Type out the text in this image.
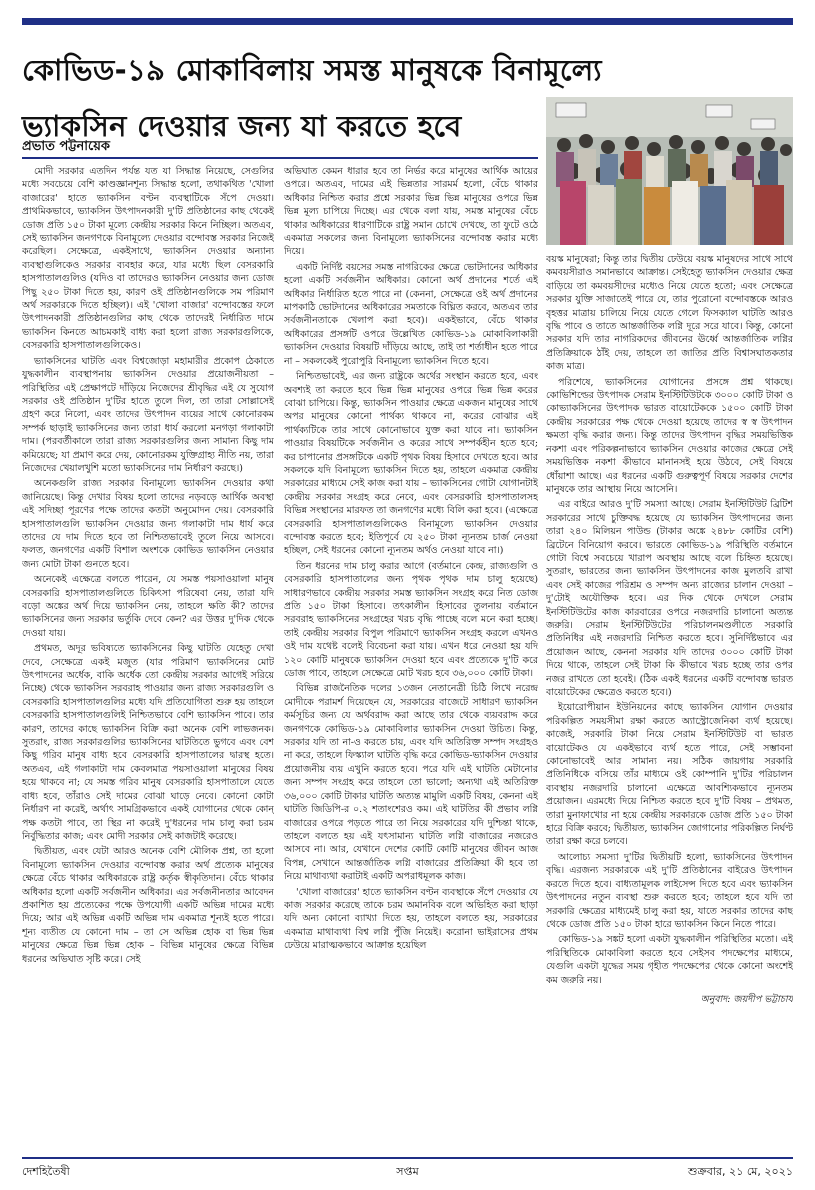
কোভিড-১৯ মোকাবিলায় সমস্ত মানুষকে বিনামূল্যে
ভ্যাকসিন দেওয়ার জন্য যা করতে হবে
প্রভাত পট্টনায়েক

মোদী সরকার এতদিন পর্যন্ত যত যা সিদ্ধান্ত নিয়েছে, সেগুলির মধ্যে সবচেয়ে বেশি কাণ্ডজ্ঞানশূন্য সিদ্ধান্ত হলো, তথাকথিত 'খোলা বাজারের' হাতে ভ্যাকসিন বণ্টন ব্যবস্থাটিকে সঁপে দেওয়া। প্রাথমিকভাবে, ভ্যাকসিন উৎপাদনকারী দু'টি প্রতিষ্ঠানের কাছ থেকেই ডোজ প্রতি ১৫০ টাকা মূল্যে কেন্দ্রীয় সরকার কিনে নিচ্ছিল। অতএব, সেই ভ্যাকসিন জনগণকে বিনামূল্যে দেওয়ার বন্দোবস্ত সরকার নিজেই করেছিল। সেক্ষেত্রে, একইসাথে, ভ্যাকসিন দেওয়ার অন্যান্য ব্যবস্থাগুলিকেও সরকার ব্যবহার করে, যার মধ্যে ছিল বেসরকারি হাসপাতালগুলিও (যদিও বা তাদেরও ভ্যাকসিন নেওয়ার জন্য ডোজ পিছু ২৫০ টাকা দিতে হয়, কারণ ওই প্রতিষ্ঠানগুলিকে সম পরিমাণ অর্থ সরকারকে দিতে হচ্ছিল)। এই 'খোলা বাজার' বন্দোবস্তের ফলে উৎপাদনকারী প্রতিষ্ঠানগুলির কাছ থেকে তাদেরই নির্ধারিত দামে ভ্যাকসিন কিনতে আচমকাই বাধ্য করা হলো রাজ্য সরকারগুলিকে, বেসরকারি হাসপাতালগুলিকেও।

ভ্যাকসিনের ঘাটতি এবং বিশ্বজোড়া মহামারীর প্রকোপ ঠেকাতে যুদ্ধকালীন ব্যবস্থাপনায় ভ্যাকসিন দেওয়ার প্রয়োজনীয়তা – পরিস্থিতির এই প্রেক্ষাপটে দাঁড়িয়ে নিজেদের শ্রীবৃদ্ধির এই যে সুযোগ সরকার ওই প্রতিষ্ঠান দু'টির হাতে তুলে দিল, তা তারা সোল্লাসেই গ্রহণ করে নিলো, এবং তাদের উৎপাদন ব্যয়ের সাথে কোনোরকম সম্পর্ক ছাড়াই ভ্যাকসিনের জন্য তারা ধার্য করলো মনগড়া গলাকাটা দাম। (পরবর্তীকালে তারা রাজ্য সরকারগুলির জন্য সামান্য কিছু দাম কমিয়েছে; যা প্রমাণ করে দেয়, কোনোরকম যুক্তিগ্রাহ্য নীতি নয়, তারা নিজেদের খেয়ালখুশি মতো ভ্যাকসিনের দাম নির্ধারণ করছে।)

অনেকগুলি রাজ্য সরকার বিনামূল্যে ভ্যাকসিন দেওয়ার কথা জানিয়েছে। কিন্তু দেখার বিষয় হলো তাদের নড়বড়ে আর্থিক অবস্থা এই সদিচ্ছা পূরণের পক্ষে তাদের কতটা অনুমোদন দেয়। বেসরকারি হাসপাতালগুলি ভ্যাকসিন দেওয়ার জন্য গলাকাটা দাম ধার্য করে তাদের যে দাম দিতে হবে তা নিশ্চিতভাবেই তুলে নিয়ে আসবে। ফলত, জনগণের একটি বিশাল অংশকে কোভিড ভ্যাকসিন নেওয়ার জন্য মোটা টাকা গুনতে হবে।

অনেকেই এক্ষেত্রে বলতে পারেন, যে সমস্ত পয়সাওয়ালা মানুষ বেসরকারি হাসপাতালগুলিতে চিকিৎসা পরিষেবা নেয়, তারা যদি বড়ো অঙ্কের অর্থ দিয়ে ভ্যাকসিন নেয়, তাহলে ক্ষতি কী? তাদের ভ্যাকসিনের জন্য সরকার ভর্তুকি দেবে কেন? এর উত্তর দু'দিক থেকে দেওয়া যায়।

প্রথমত, অদূর ভবিষ্যতে ভ্যাকসিনের কিছু ঘাটতি যেহেতু দেখা দেবে, সেক্ষেত্রে একই মজুত (যার পরিমাণ ভ্যাকসিনের মোট উৎপাদনের অর্ধেক, বাকি অর্ধেক তো কেন্দ্রীয় সরকার আগেই সরিয়ে নিচ্ছে) থেকে ভ্যাকসিন সরবরাহ পাওয়ার জন্য রাজ্য সরকারগুলি ও বেসরকারি হাসপাতালগুলির মধ্যে যদি প্রতিযোগিতা শুরু হয় তাহলে বেসরকারি হাসপাতালগুলিই নিশ্চিতভাবে বেশি ভ্যাকসিন পাবে। তার কারণ, তাদের কাছে ভ্যাকসিন বিক্রি করা অনেক বেশি লাভজনক। সুতরাং, রাজ্য সরকারগুলির ভ্যাকসিনের ঘাটতিতে ভুগবে এবং বেশ কিছু গরিব মানুষ বাধ্য হবে বেসরকারি হাসপাতালের দ্বারস্থ হতে। অতএব, এই গলাকাটা দাম কেবলমাত্র পয়সাওয়ালা মানুষের বিষয় হয়ে থাকবে না; যে সমস্ত গরিব মানুষ বেসরকারি হাসপাতালে যেতে বাধ্য হবে, তাঁরাও সেই দামের বোঝা ঘাড়ে নেবে। কোনো কোটা নির্ধারণ না করেই, অর্থাৎ সামগ্রিকভাবে একই যোগানের থেকে কোন্ পক্ষ কতটা পাবে, তা স্থির না করেই দু'ধরনের দাম চালু করা চরম নির্বুদ্ধিতার কাজ; এবং মোদী সরকার সেই কাজটাই করেছে।

দ্বিতীয়ত, এবং যেটা আরও অনেক বেশি মৌলিক প্রশ্ন, তা হলো বিনামূল্যে ভ্যাকসিন দেওয়ার বন্দোবস্ত করার অর্থ প্রত্যেক মানুষের ক্ষেত্রে বেঁচে থাকার অধিকারকে রাষ্ট্র কর্তৃক স্বীকৃতিদান। বেঁচে থাকার অধিকার হলো একটি সর্বজনীন অধিকার। এর সর্বজনীনতার আবেদন প্রকাশিত হয় প্রত্যেকের পক্ষে উপযোগী একটি অভিন্ন দামের মধ্যে দিয়ে; আর এই অভিন্ন একটি অভিন্ন দাম একমাত্র শূন্যই হতে পারে। শূন্য ব্যতীত যে কোনো দাম – তা সে অভিন্ন হোক বা ভিন্ন ভিন্ন মানুষের ক্ষেত্রে ভিন্ন ভিন্ন হোক – বিভিন্ন মানুষের ক্ষেত্রে বিভিন্ন ধরনের অভিঘাত সৃষ্টি করে। সেই

অভিঘাত কেমন ধারার হবে তা নির্ভর করে মানুষের আর্থিক আয়ের ওপরে। অতএব, দামের এই ভিন্নতার সারমর্ম হলো, বেঁচে থাকার অধিকার নিশ্চিত করার প্রশ্নে সরকার ভিন্ন ভিন্ন মানুষের ওপরে ভিন্ন ভিন্ন মূল্য চাপিয়ে দিচ্ছে। এর থেকে বলা যায়, সমস্ত মানুষের বেঁচে থাকার অধিকারের ধারণাটিকে রাষ্ট্র সমান চোখে দেখছে, তা ফুটে ওঠে একমাত্র সকলের জন্য বিনামূল্যে ভ্যাকসিনের বন্দোবস্ত করার মধ্যে দিয়ে।

একটি নির্দিষ্ট বয়সের সমস্ত নাগরিকের ক্ষেত্রে ভোটদানের অধিকার হলো একটি সর্বজনীন অধিকার। কোনো অর্থ প্রদানের শর্তে এই অধিকার নির্ধারিত হতে পারে না (কেননা, সেক্ষেত্রে ওই অর্থ প্রদানের মাপকাঠি ভোটদানের অধিকারের সমতাকে বিঘ্নিত করবে, অতএব তার সর্বজনীনতাকে খেলাপ করা হবে)। একইভাবে, বেঁচে থাকার অধিকারের প্রসঙ্গটি ওপরে উল্লেখিত কোভিড-১৯ মোকাবিলাকারী ভ্যাকসিন দেওয়ার বিষয়টি দাঁড়িয়ে আছে, তাই তা শর্তাধীন হতে পারে না – সকলকেই পুরোপুরি বিনামূল্যে ভ্যাকসিন দিতে হবে।

নিশ্চিতভাবেই, এর জন্য রাষ্ট্রকে অর্থের সংস্থান করতে হবে, এবং অবশ্যই তা করতে হবে ভিন্ন ভিন্ন মানুষের ওপরে ভিন্ন ভিন্ন করের বোঝা চাপিয়ে। কিন্তু, ভ্যাকসিন পাওয়ার ক্ষেত্রে একজন মানুষের সাথে অপর মানুষের কোনো পার্থক্য থাকবে না, করের বোঝার এই পার্থক্যটিকে তার সাথে কোনোভাবে যুক্ত করা যাবে না। ভ্যাকসিন পাওয়ার বিষয়টিকে সর্বজনীন ও করের সাথে সম্পর্কহীন হতে হবে; কর চাপানোর প্রসঙ্গটিকে একটি পৃথক বিষয় হিসাবে দেখতে হবে। আর সকলকে যদি বিনামূল্যে ভ্যাকসিন দিতে হয়, তাহলে একমাত্র কেন্দ্রীয় সরকারের মাধ্যমে সেই কাজ করা যায় – ভ্যাকসিনের গোটা যোগানটাই কেন্দ্রীয় সরকার সংগ্রহ করে নেবে, এবং বেসরকারি হাসপাতালসহ বিভিন্ন সংস্থানের মারফত তা জনগণের মধ্যে বিলি করা হবে। (এক্ষেত্রে বেসরকারি হাসপাতালগুলিকেও বিনামূল্যে ভ্যাকসিন দেওয়ার বন্দোবস্ত করতে হবে; ইতিপূর্বে যে ২৫০ টাকা ন্যূনতম চার্জ নেওয়া হচ্ছিল, সেই ধরনের কোনো ন্যূনতম অর্থও নেওয়া যাবে না।)

তিন ধরনের দাম চালু করার আগে (বর্তমানে কেন্দ্র, রাজ্যগুলি ও বেসরকারি হাসপাতালের জন্য পৃথক পৃথক দাম চালু হয়েছে) সাধারণভাবে কেন্দ্রীয় সরকার সমস্ত ভ্যাকসিন সংগ্রহ করে নিত ডোজ প্রতি ১৫০ টাকা হিসাবে। তৎকালীন হিসাবের তুলনায় বর্তমানে সরবরাহ ভ্যাকসিনের সংগ্রহের খরচ বৃদ্ধি পাচ্ছে বলে মনে করা হচ্ছে। তাই কেন্দ্রীয় সরকার বিপুল পরিমাণে ভ্যাকসিন সংগ্রহ করলে এখনও ওই দাম যথেষ্ট বলেই বিবেচনা করা যায়। এখন ধরে নেওয়া হয় যদি ১২০ কোটি মানুষকে ভ্যাকসিন দেওয়া হবে এবং প্রত্যেকে দু'টি করে ডোজ পাবে, তাহলে সেক্ষেত্রে মোট খরচ হবে ৩৬,০০০ কোটি টাকা।

বিভিন্ন রাজনৈতিক দলের ১৩জন নেতানেত্রী চিঠি লিখে নরেন্দ্র মোদীকে পরামর্শ দিয়েছেন যে, সরকারের বাজেটে সাধারণ ভ্যাকসিন কর্মসূচির জন্য যে অর্থবরাদ্দ করা আছে তার থেকে ব্যয়বরাদ্দ করে জনগণকে কোভিড-১৯ মোকাবিলার ভ্যাকসিন দেওয়া উচিত। কিন্তু, সরকার যদি তা না-ও করতে চায়, এবং যদি অতিরিক্ত সম্পদ সংগ্রহও না করে, তাহলে ফিস্ক্যাল ঘাটতি বৃদ্ধি করে কোভিড-ভ্যাকসিন দেওয়ার প্রয়োজনীয় ব্যয় এখুনি করতে হবে। পরে যদি এই ঘাটতি মেটানোর জন্য সম্পদ সংগ্রহ করে তাহলে তো ভালো; অন্যথা এই অতিরিক্ত ৩৬,০০০ কোটি টাকার ঘাটতি অত্যন্ত মামুলি একটি বিষয়, কেননা এই ঘাটতি জিডিপি-র ০.২ শতাংশেরও কম। এই ঘাটতির কী প্রভাব লগ্নি বাজারের ওপরে পড়তে পারে তা নিয়ে সরকারের যদি দুশ্চিন্তা থাকে, তাহলে বলতে হয় এই যৎসামান্য ঘাটতি লগ্নি বাজারের নজরেও আসবে না। আর, যেখানে দেশের কোটি কোটি মানুষের জীবন আজ বিপন্ন, সেখানে আন্তর্জাতিক লগ্নি বাজারের প্রতিক্রিয়া কী হবে তা নিয়ে মাথাব্যথা করাটাই একটি অপরাধমূলক কাজ।

'খোলা বাজারের' হাতে ভ্যাকসিন বণ্টন ব্যবস্থাকে সঁপে দেওয়ার যে কাজ সরকার করেছে তাকে চরম অমানবিক বলে অভিহিত করা ছাড়া যদি অন্য কোনো ব্যাখ্যা দিতে হয়, তাহলে বলতে হয়, সরকারের একমাত্র মাথাব্যথা বিশ্ব লগ্নি পুঁজি নিয়েই। করোনা ভাইরাসের প্রথম ঢেউয়ে মারাত্মকভাবে আক্রান্ত হয়েছিল

বয়স্ক মানুষেরা; কিন্তু তার দ্বিতীয় ঢেউয়ে বয়স্ক মানুষদের সাথে সাথে কমবয়সীরাও সমানভাবে আক্রান্ত। সেইহেতু ভ্যাকসিন দেওয়ার ক্ষেত্র বাড়িয়ে তা কমবয়সীদের মধ্যেও নিয়ে যেতে হতো; এবং সেক্ষেত্রে সরকার যুক্তি সাজাতেই পারে যে, তার পুরোনো বন্দোবস্তকে আরও বৃহত্তর মাত্রায় চালিয়ে নিয়ে যেতে গেলে ফিসক্যাল ঘাটতি আরও বৃদ্ধি পাবে ও তাতে আন্তর্জাতিক লগ্নি দূরে সরে যাবে। কিন্তু, কোনো সরকার যদি তার নাগরিকদের জীবনের ঊর্ধ্বে আন্তর্জাতিক লগ্নির প্রতিক্রিয়াকে ঠাঁই দেয়, তাহলে তা জাতির প্রতি বিশ্বাসঘাতকতার কাজ মাত্র।

পরিশেষে, ভ্যাকসিনের যোগানের প্রসঙ্গে প্রশ্ন থাকছে। কোভিশিল্ডের উৎপাদক সেরাম ইনস্টিটিউটকে ৩০০০ কোটি টাকা ও কোভ্যাকসিনের উৎপাদক ভারত বায়োটেককে ১৫০০ কোটি টাকা কেন্দ্রীয় সরকারের পক্ষ থেকে দেওয়া হয়েছে তাদের স্ব স্ব উৎপাদন ক্ষমতা বৃদ্ধি করার জন্য। কিন্তু তাদের উৎপাদন বৃদ্ধির সময়ভিত্তিক নকশা এবং পরিকল্পনাভাবে ভ্যাকসিন দেওয়ার কাজের ক্ষেত্রে সেই সময়ভিত্তিক নকশা কীভাবে মানানসই হয়ে উঠবে, সেই বিষয়ে ধোঁয়াশা আছে। এর ধরনের একটি গুরুত্বপূর্ণ বিষয়ে সরকার দেশের মানুষকে তার আস্থায় নিয়ে আসেনি।

এর বাইরে আরও দু'টি সমস্যা আছে। সেরাম ইনস্টিটিউট ব্রিটিশ সরকারের সাথে চুক্তিবদ্ধ হয়েছে যে ভ্যাকসিন উৎপাদনের জন্য তারা ২৪০ মিলিয়ন পাউন্ড (টাকার অঙ্কে ২৪৮৮ কোটির বেশি) ব্রিটেনে বিনিয়োগ করবে। ভারতে কোভিড-১৯ পরিস্থিতি বর্তমানে গোটা বিশ্বে সবচেয়ে খারাপ অবস্থায় আছে বলে চিহ্নিত হয়েছে। সুতরাং, ভারতের জন্য ভ্যাকসিন উৎপাদনের কাজ মুলতবি রাখা এবং সেই কাজের পরিশ্রম ও সম্পদ অন্য রাজ্যের চালান দেওয়া – দু'টোই অযৌক্তিক হবে। এর দিক থেকে দেখলে সেরাম ইনস্টিটিউটের কাজ কারবারের ওপরে নজরদারি চালানো অত্যন্ত জরুরি। সেরাম ইনস্টিটিউটের পরিচালনমণ্ডলীতে সরকারি প্রতিনিধির এই নজরদারি নিশ্চিত করতে হবে। সুনির্দিষ্টভাবে এর প্রয়োজন আছে, কেননা সরকার যদি তাদের ৩০০০ কোটি টাকা দিয়ে থাকে, তাহলে সেই টাকা কি কীভাবে খরচ হচ্ছে তার ওপর নজর রাখতে তো হবেই। (ঠিক একই ধরনের একটি বন্দোবস্ত ভারত বায়োটেকের ক্ষেত্রেও করতে হবে।)

ইয়োরোপীয়ান ইউনিয়নের কাছে ভ্যাকসিন যোগান দেওয়ার পরিকল্পিত সময়সীমা রক্ষা করতে অ্যাস্ট্রোজেনিকা ব্যর্থ হয়েছে। কাজেই, সরকারি টাকা নিয়ে সেরাম ইনস্টিটিউট বা ভারত বায়োটেকও যে একইভাবে ব্যর্থ হতে পারে, সেই সম্ভাবনা কোনোভাবেই আর সামান্য নয়। সঠিক জায়গায় সরকারি প্রতিনিধিকে বসিয়ে তাঁর মাধ্যমে ওই কোম্পানি দু'টির পরিচালন ব্যবস্থায় নজরদারি চালানো এক্ষেত্রে আবশ্যিকভাবে ন্যূনতম প্রয়োজন। এরমধ্যে দিয়ে নিশ্চিত করতে হবে দু'টি বিষয় – প্রথমত, তারা মুনাফাখোর না হয়ে কেন্দ্রীয় সরকারকে ডোজ প্রতি ১৫০ টাকা হারে বিক্রি করবে; দ্বিতীয়ত, ভ্যাকসিন জোগানোর পরিকল্পিত নির্ঘণ্ট তারা রক্ষা করে চলবে।

আলোচ্য সমস্যা দু'টির দ্বিতীয়টি হলো, ভ্যাকসিনের উৎপাদন বৃদ্ধি। এরজন্য সরকারকে এই দু'টি প্রতিষ্ঠানের বাইরেও উৎপাদন করতে দিতে হবে। বাধ্যতামূলক লাইসেন্স দিতে হবে এবং ভ্যাকসিন উৎপাদনের নতুন ব্যবস্থা শুরু করতে হবে; তাহলে হবে যদি তা সরকারি ক্ষেত্রের মাধ্যমেই চালু করা হয়, যাতে সরকার তাদের কাছ থেকে ডোজ প্রতি ১৫০ টাকা হারে ভ্যাকসিন কিনে নিতে পারে।

কোভিড-১৯ সঙ্কট হলো একটা যুদ্ধকালীন পরিস্থিতির মতো। এই পরিস্থিতিকে মোকাবিলা করতে হবে সেইসব পদক্ষেপের মাধ্যমে, যেগুলি একটা যুদ্ধের সময় গৃহীত পদক্ষেপের থেকে কোনো অংশেই কম জরুরি নয়।

অনুবাদ: জয়দীপ ভট্টাচার্য

দেশহিতৈষী	সপ্তম	শুক্রবার, ২১ মে, ২০২১
